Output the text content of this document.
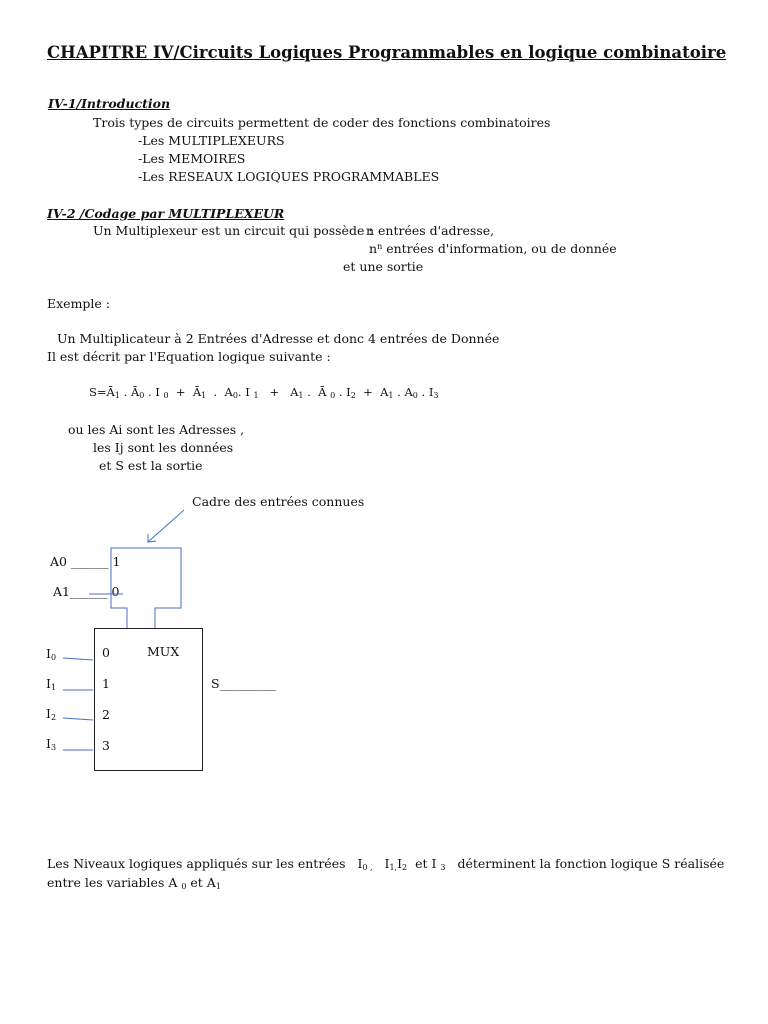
CHAPITRE IV/Circuits Logiques Programmables en logique combinatoire
IV-1/Introduction
Trois types de circuits permettent de coder des fonctions combinatoires
-Les MULTIPLEXEURS
-Les MEMOIRES
-Les RESEAUX LOGIQUES PROGRAMMABLES
IV-2 /Codage par MULTIPLEXEUR
Un Multiplexeur est un circuit qui possède :
n entrées d'adresse,
$n^n$ entrées d'information, ou de donnée
et une sortie
Exemple :
Un Multiplicateur à 2 Entrées d'Adresse et donc 4 entrées de Donnée
Il est décrit par l'Equation logique suivante :
$S=Ā_1$ . $Ā_0$ . I $_0 + Ā_1$  .  $A_0$. I $_1 + A_1$ .  Ā $_0$ . $I_2 + A_1$ . $A_0$ . $I_3$
ou les Ai sont les Adresses ,
les Ij sont les données
et S est la sortie
Cadre des entrées connues
A0 ______ 1
A1______ 0
MUX
$I_0$
$I_1$
$I_2$
$I_3$
0
1
2
3
S_________
Les Niveaux logiques appliqués sur les entrées $I_{0 ,}$ $I_{1,}I_2$ et I $_3$ déterminent la fonction logique S réalisée
entre les variables A $_0$ et $A_1$
